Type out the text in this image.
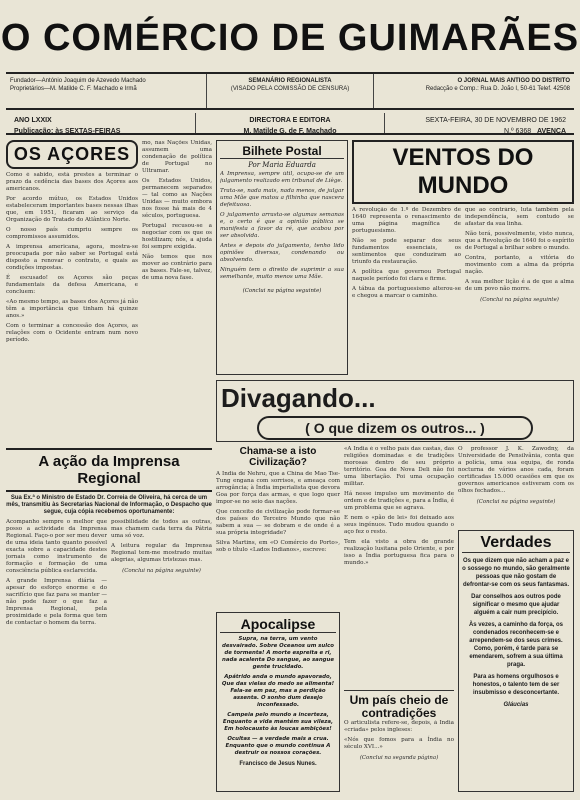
O COMÉRCIO DE GUIMARÃES
Fundador—António Joaquim de Azevedo Machado
Proprietários—M. Matilde C. F. Machado e Irmã
SEMANÁRIO REGIONALISTA
(VISADO PELA COMISSÃO DE CENSURA)
O JORNAL MAIS ANTIGO DO DISTRITO
Redacção e Comp.: Rua D. João I, 50-61 Telef. 42508
ANO LXXIX
Publicação: às SEXTAS-FEIRAS
DIRECTORA E EDITORA
M. Matilde G. de F. Machado
SEXTA-FEIRA, 30 DE NOVEMBRO DE 1962
N.º 6368 AVENÇA
OS AÇORES

Como é sabido, está prestes a terminar o prazo da cedência das bases dos Açores aos americanos.

Por acordo mútuo, os Estados Unidos estabeleceram importantes bases nessas ilhas que, em 1951, ficaram ao serviço da Organização do Tratado do Atlântico Norte.

O nosso país cumpriu sempre os compromissos assumidos.

A imprensa americana, agora, mostra-se preocupada por não saber se Portugal está disposto a renovar o contrato, e quais as condições impostas.

É escusado! os Açores são peças fundamentais da defesa Americana, e concluem:

«Ao mesmo tempo, as bases dos Açores já não têm a importância que tinham há quinze anos.»

Com o terminar a concessão dos Açores, as relações com o Ocidente entram num novo período.

mo, nas Nações Unidas, assumem uma condenação de política de Portugal no Ultramar.

Os Estados Unidos, permanecem separados — tal como as Nações Unidas — muito embora nos fosse há mais de 4 séculos, portuguesa.

Portugal recusou-se a negociar com os que os hostilizam; nós, a ajuda foi sempre exigida.

Não temos que nos mover ao contrário para as bases. Fale-se, talvez, de uma nova fase.

Bilhete Postal
Por Maria Eduarda

A Imprensa, sempre útil, ocupa-se de um julgamento realizado em tribunal de Liège.

Trata-se, nada mais, nada menos, de julgar uma Mãe que matou a filhinha que nascera defeituosa.

O julgamento arrasta-se algumas semanas e, o certo é que a opinião pública se manifesta a favor da ré, que acabou por ser absolvida.

Antes e depois do julgamento, tenho lido opiniões diversas, condenando ou absolvendo.

Ninguém tem o direito de suprimir a sua semelhante, muito menos uma Mãe.

(Conclui na página seguinte)
VENTOS DO MUNDO

A revolução de 1.º de Dezembro de 1640 representa o renascimento de uma página magnífica de portuguesismo.

Não se pode separar dos seus fundamentos essenciais, os sentimentos que conduziram ao triunfo da restauração.

A política que governou Portugal naquele período foi clara e firme.

A tábua da portuguesismo alterou-se e chegou a marcar o caminho.

que ao contrário, luta também pela independência, sem contudo se afastar da sua linha.

Não terá, possivelmente, visto nunca, que a Revolução de 1640 foi o espírito de Portugal a brilhar sobre o mundo.

Contra, portanto, a vitória do movimento com a alma da própria nação.

A sua melhor lição é a de que a alma de um povo não morre.

(Conclui na página seguinte)
Divagando...
( O que dizem os outros... )
A ação da Imprensa Regional
Sua Ex.ª o Ministro de Estado Dr. Correia de Oliveira, há cerca de um mês, transmitiu às Secretarias Nacional de Informação, o Despacho que segue, cuja cópia recebemos oportunamente:

Acompanho sempre o melhor que posso a actividade da Imprensa Regional. Faço-o por ser meu dever de uma ideia tanto quanto possível exacta sobre a capacidade destes jornais como instrumento de formação e formação de uma consciência pública esclarecida.

A grande Imprensa diária — apesar do esforço enorme e do sacrifício que faz para se manter — não pode fazer o que faz a Imprensa Regional, pela proximidade e pela forma que tem de contactar o homem da terra.

possibilidade de todos as outras, mas chamem cada terra da Pátria uma só voz.

A leitura regular da Imprensa Regional tem-me mostrado muitas alegrias, algumas tristezas mas.

(Conclui na página seguinte)
Chama-se a isto Civilização?

A Índia de Nehru, que a China de Mao Tse-Tung engana com sorrisos, e ameaça com arrogância; à Índia imperialista que devora Goa por força das armas, e que logo quer impor-se no seio das nações.

Que conceito de civilização pode formar-se dos países do Terceiro Mundo que não sabem a sua — se dobram e de onde é a sua própria integridade?

Silva Martins, em «O Comércio do Porto», sob o título «Lados Indianos», escreve:

«A Índia é o velho país das castas, das religiões dominadas e de tradições morosas dentro de seu próprio território. Goa de Nova Deli não foi uma libertação. Foi uma ocupação militar.

Há nesse impulso um movimento de ordem e de tradições e, para a Índia, é um problema que se agrava.

E nem o «pão de lei» foi deixado aos seus ingénuos. Tudo mudou quando o aço fez o resto.

Tem ela visto a obra de grande realização lusitana pelo Oriente, e por isso a Índia portuguesa fica para o mundo.»

Um país cheio de contradições

O articulista refere-se, depois, à Índia «criada» pelos ingleses:

«Nós que fomos para a Índia no século XVI...»

(Conclui na segunda página)
Apocalipse
Supra, na terra, um vento desvairado. Sobre Oceanos um sulco de tormenta! A morte espreita e ri, nada acalenta Do sangue, ao sangue gente trucidado.
Apátrido anda o mundo apavorado, Que das vielas do medo se alimenta! Fala-se em paz, mas a perdição assenta. O sonho dum desejo inconfessado.
Campeia pelo mundo a incerteza, Enquanto a vida mantém sua vileza, Em holocausto às loucas ambições!
Ocultas — a verdade mais a crua. Enquanto que o mundo continua A destruir os nossos corações.
Francisco de Jesus Nunes.

O professor J. K. Zawodny, da Universidade de Pensilvânia, conta que a polícia, uma sua equipa, de ronda nocturna de vários anos cada, foram certificadas 15.000 ocasiões em que os governos americanos estiveram com os olhos fechados...

(Conclui na página seguinte)
Verdades

Os que dizem que não acham a paz e o sossego no mundo, são geralmente pessoas que não gostam de defrontar-se com os seus fantasmas.

Dar conselhos aos outros pode significar o mesmo que ajudar alguém a cair num precipício.

Às vezes, a caminho da força, os condenados reconhecem-se e arrependem-se dos seus crimes. Como, porém, é tarde para se emendarem, sofrem a sua última praga.

Para as homens orgulhosos e honestos, o talento tem de ser insubmisso e desconcertante.

Gláucias
